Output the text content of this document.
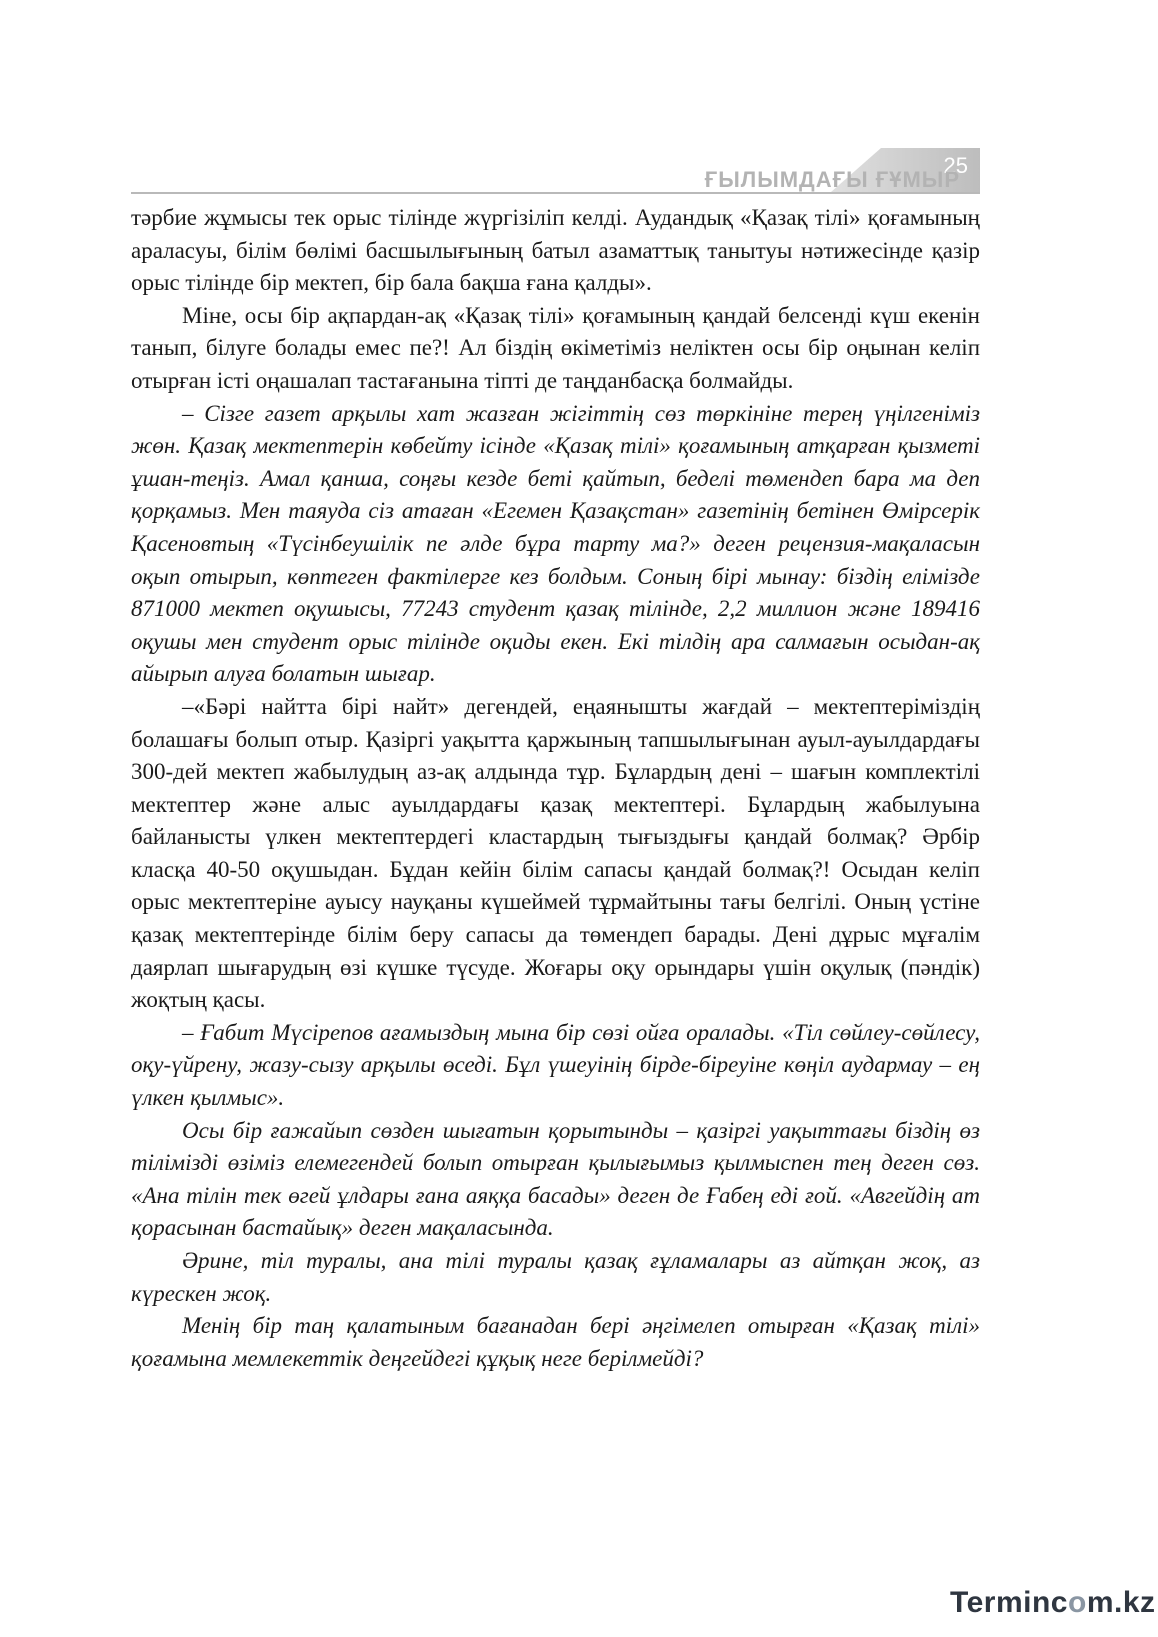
25
ҒЫЛЫМДАҒЫ ҒҰМЫР

тәрбие жұмысы тек орыс тілінде жүргізіліп келді. Аудандық «Қазақ тілі» қоғамының араласуы, білім бөлімі басшылығының батыл азаматтық танытуы нәтижесінде қазір орыс тілінде бір мектеп, бір бала бақша ғана қалды».

Міне, осы бір ақпардан-ақ «Қазақ тілі» қоғамының қандай белсенді күш екенін танып, білуге болады емес пе?! Ал біздің өкіметіміз неліктен осы бір оңынан келіп отырған істі оңашалап тастағанына тіпті де таңданбасқа болмайды.

– Сізге газет арқылы хат жазған жігіттің сөз төркініне терең үңілгеніміз жөн. Қазақ мектептерін көбейту ісінде «Қазақ тілі» қоғамының атқарған қызметі ұшан-теңіз. Амал қанша, соңғы кезде беті қайтып, беделі төмендеп бара ма деп қорқамыз. Мен таяуда сіз атаған «Егемен Қазақстан» газетінің бетінен Өмірсерік Қасеновтың «Түсінбеушілік пе әлде бұра тарту ма?» деген рецензия-мақаласын оқып отырып, көптеген фактілерге кез болдым. Соның бірі мынау: біздің елімізде 871000 мектеп оқушысы, 77243 студент қазақ тілінде, 2,2 миллион және 189416 оқушы мен студент орыс тілінде оқиды екен. Екі тілдің ара салмағын осыдан-ақ айырып алуға болатын шығар.

–«Бәрі найтта бірі найт» дегендей, еңаянышты жағдай – мектептеріміздің болашағы болып отыр. Қазіргі уақытта қаржының тапшылығынан ауыл-ауылдардағы 300-дей мектеп жабылудың аз-ақ алдында тұр. Бұлардың дені – шағын комплектілі мектептер және алыс ауылдардағы қазақ мектептері. Бұлардың жабылуына байланысты үлкен мектептердегі кластардың тығыздығы қандай болмақ? Әрбір класқа 40-50 оқушыдан. Бұдан кейін білім сапасы қандай болмақ?! Осыдан келіп орыс мектептеріне ауысу науқаны күшеймей тұрмайтыны тағы белгілі. Оның үстіне қазақ мектептерінде білім беру сапасы да төмендеп барады. Дені дұрыс мұғалім даярлап шығарудың өзі күшке түсуде. Жоғары оқу орындары үшін оқулық (пәндік) жоқтың қасы.

– Ғабит Мүсірепов ағамыздың мына бір сөзі ойға оралады. «Тіл сөйлеу-сөйлесу, оқу-үйрену, жазу-сызу арқылы өседі. Бұл үшеуінің бірде-біреуіне көңіл аудармау – ең үлкен қылмыс».

Осы бір ғажайып сөзден шығатын қорытынды – қазіргі уақыттағы біздің өз тілімізді өзіміз елемегендей болып отырған қылығымыз қылмыспен тең деген сөз. «Ана тілін тек өгей ұлдары ғана аяққа басады» деген де Ғабең еді ғой. «Авгейдің ат қорасынан бастайық» деген мақаласында.

Әрине, тіл туралы, ана тілі туралы қазақ ғұламалары аз айтқан жоқ, аз күрескен жоқ.

Менің бір таң қалатыным бағанадан бері әңгімелеп отырған «Қазақ тілі» қоғамына мемлекеттік деңгейдегі құқық неге берілмейді?

Termincom.kz
